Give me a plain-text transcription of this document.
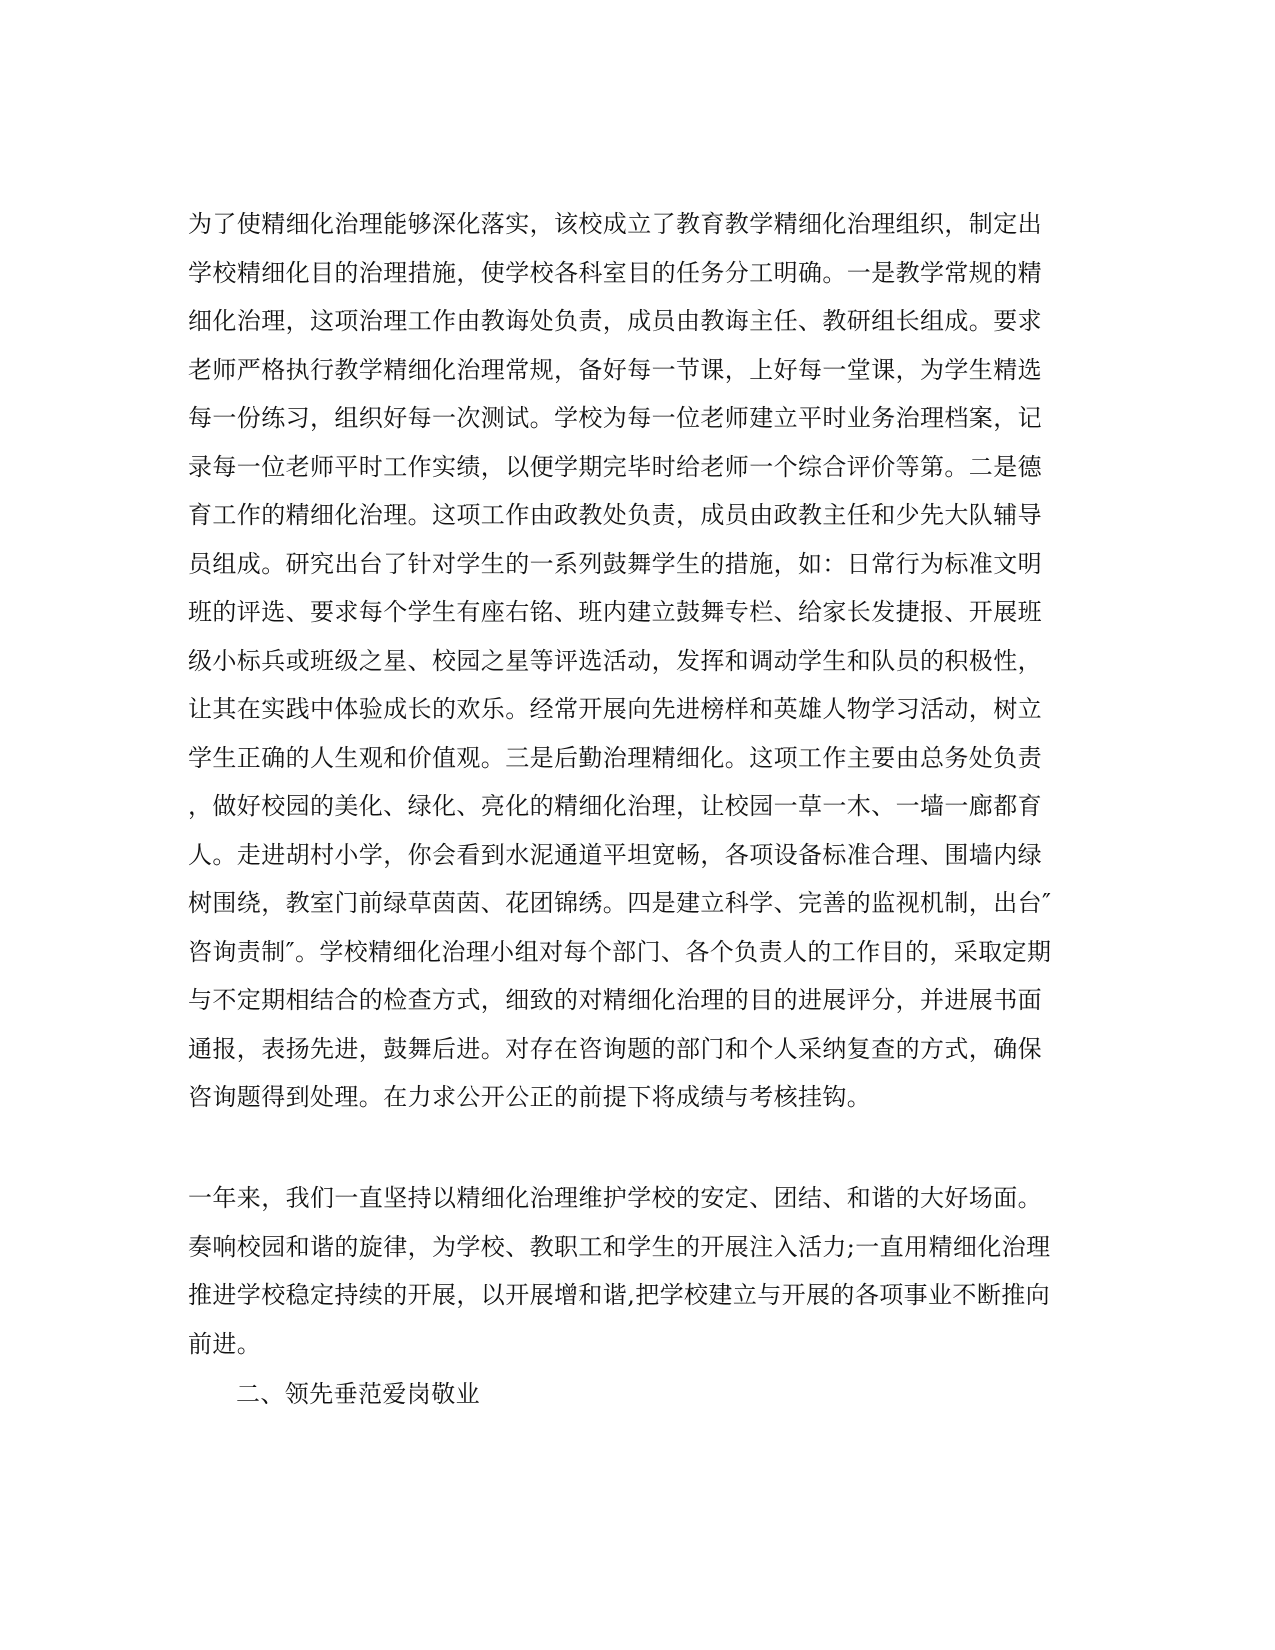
为了使精细化治理能够深化落实，该校成立了教育教学精细化治理组织，制定出
学校精细化目的治理措施，使学校各科室目的任务分工明确。一是教学常规的精
细化治理，这项治理工作由教诲处负责，成员由教诲主任、教研组长组成。要求
老师严格执行教学精细化治理常规，备好每一节课，上好每一堂课，为学生精选
每一份练习，组织好每一次测试。学校为每一位老师建立平时业务治理档案，记
录每一位老师平时工作实绩，以便学期完毕时给老师一个综合评价等第。二是德
育工作的精细化治理。这项工作由政教处负责，成员由政教主任和少先大队辅导
员组成。研究出台了针对学生的一系列鼓舞学生的措施，如：日常行为标准文明
班的评选、要求每个学生有座右铭、班内建立鼓舞专栏、给家长发捷报、开展班
级小标兵或班级之星、校园之星等评选活动，发挥和调动学生和队员的积极性，
让其在实践中体验成长的欢乐。经常开展向先进榜样和英雄人物学习活动，树立
学生正确的人生观和价值观。三是后勤治理精细化。这项工作主要由总务处负责
，做好校园的美化、绿化、亮化的精细化治理，让校园一草一木、一墙一廊都育
人。走进胡村小学，你会看到水泥通道平坦宽畅，各项设备标准合理、围墙内绿
树围绕，教室门前绿草茵茵、花团锦绣。四是建立科学、完善的监视机制，出台″
咨询责制″。学校精细化治理小组对每个部门、各个负责人的工作目的，采取定期
与不定期相结合的检查方式，细致的对精细化治理的目的进展评分，并进展书面
通报，表扬先进，鼓舞后进。对存在咨询题的部门和个人采纳复查的方式，确保
咨询题得到处理。在力求公开公正的前提下将成绩与考核挂钩。
一年来，我们一直坚持以精细化治理维护学校的安定、团结、和谐的大好场面。
奏响校园和谐的旋律，为学校、教职工和学生的开展注入活力;一直用精细化治理
推进学校稳定持续的开展，以开展增和谐,把学校建立与开展的各项事业不断推向
前进。
二、领先垂范爱岗敬业
